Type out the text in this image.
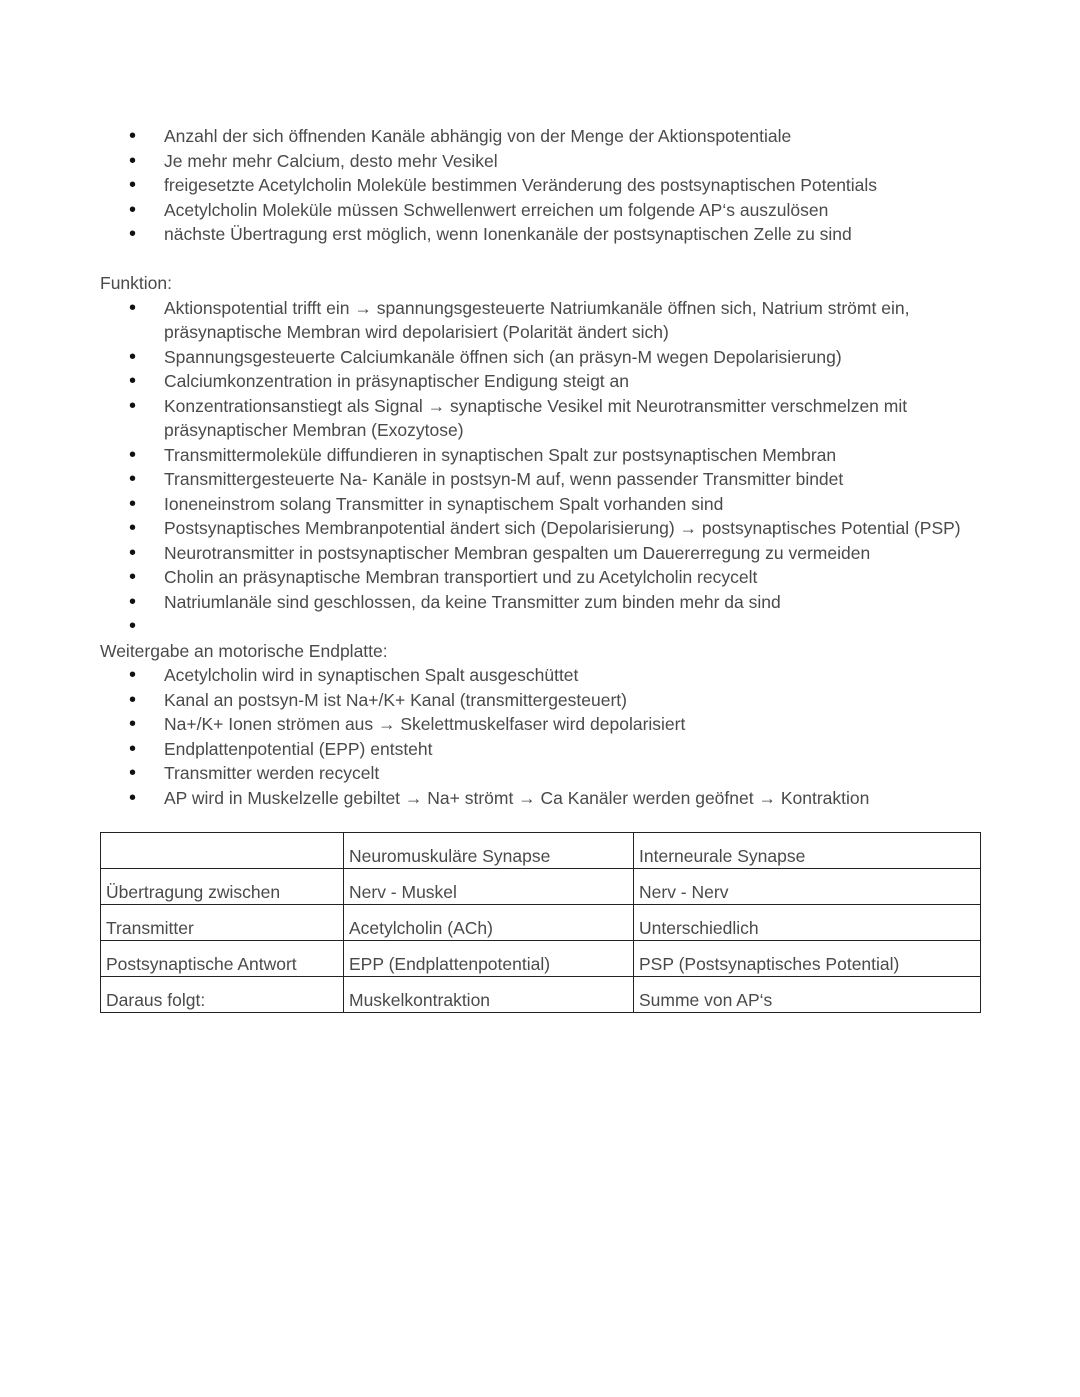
• Anzahl der sich öffnenden Kanäle abhängig von der Menge der Aktionspotentiale
• Je mehr mehr Calcium, desto mehr Vesikel
• freigesetzte Acetylcholin Moleküle bestimmen Veränderung des postsynaptischen Potentials
• Acetylcholin Moleküle müssen Schwellenwert erreichen um folgende AP‘s auszulösen
• nächste Übertragung erst möglich, wenn Ionenkanäle der postsynaptischen Zelle zu sind

Funktion:

• Aktionspotential trifft ein → spannungsgesteuerte Natriumkanäle öffnen sich, Natrium strömt ein, präsynaptische Membran wird depolarisiert (Polarität ändert sich)
• Spannungsgesteuerte Calciumkanäle öffnen sich (an präsyn-M wegen Depolarisierung)
• Calciumkonzentration in präsynaptischer Endigung steigt an
• Konzentrationsanstiegt als Signal → synaptische Vesikel mit Neurotransmitter verschmelzen mit präsynaptischer Membran (Exozytose)
• Transmittermoleküle diffundieren in synaptischen Spalt zur postsynaptischen Membran
• Transmittergesteuerte Na- Kanäle in postsyn-M auf, wenn passender Transmitter bindet
• Ioneneinstrom solang Transmitter in synaptischem Spalt vorhanden sind
• Postsynaptisches Membranpotential ändert sich (Depolarisierung) → postsynaptisches Potential (PSP)
• Neurotransmitter in postsynaptischer Membran gespalten um Dauererregung zu vermeiden
• Cholin an präsynaptische Membran transportiert und zu Acetylcholin recycelt
• Natriumlanäle sind geschlossen, da keine Transmitter zum binden mehr da sind
•

Weitergabe an motorische Endplatte:

• Acetylcholin wird in synaptischen Spalt ausgeschüttet
• Kanal an postsyn-M ist Na+/K+ Kanal (transmittergesteuert)
• Na+/K+ Ionen strömen aus → Skelettmuskelfaser wird depolarisiert
• Endplattenpotential (EPP) entsteht
• Transmitter werden recycelt
• AP wird in Muskelzelle gebiltet → Na+ strömt → Ca Kanäler werden geöfnet → Kontraktion
	Neuromuskuläre Synapse	Interneurale Synapse
Übertragung zwischen	Nerv - Muskel	Nerv - Nerv
Transmitter	Acetylcholin (ACh)	Unterschiedlich
Postsynaptische Antwort	EPP (Endplattenpotential)	PSP (Postsynaptisches Potential)
Daraus folgt:	Muskelkontraktion	Summe von AP‘s
